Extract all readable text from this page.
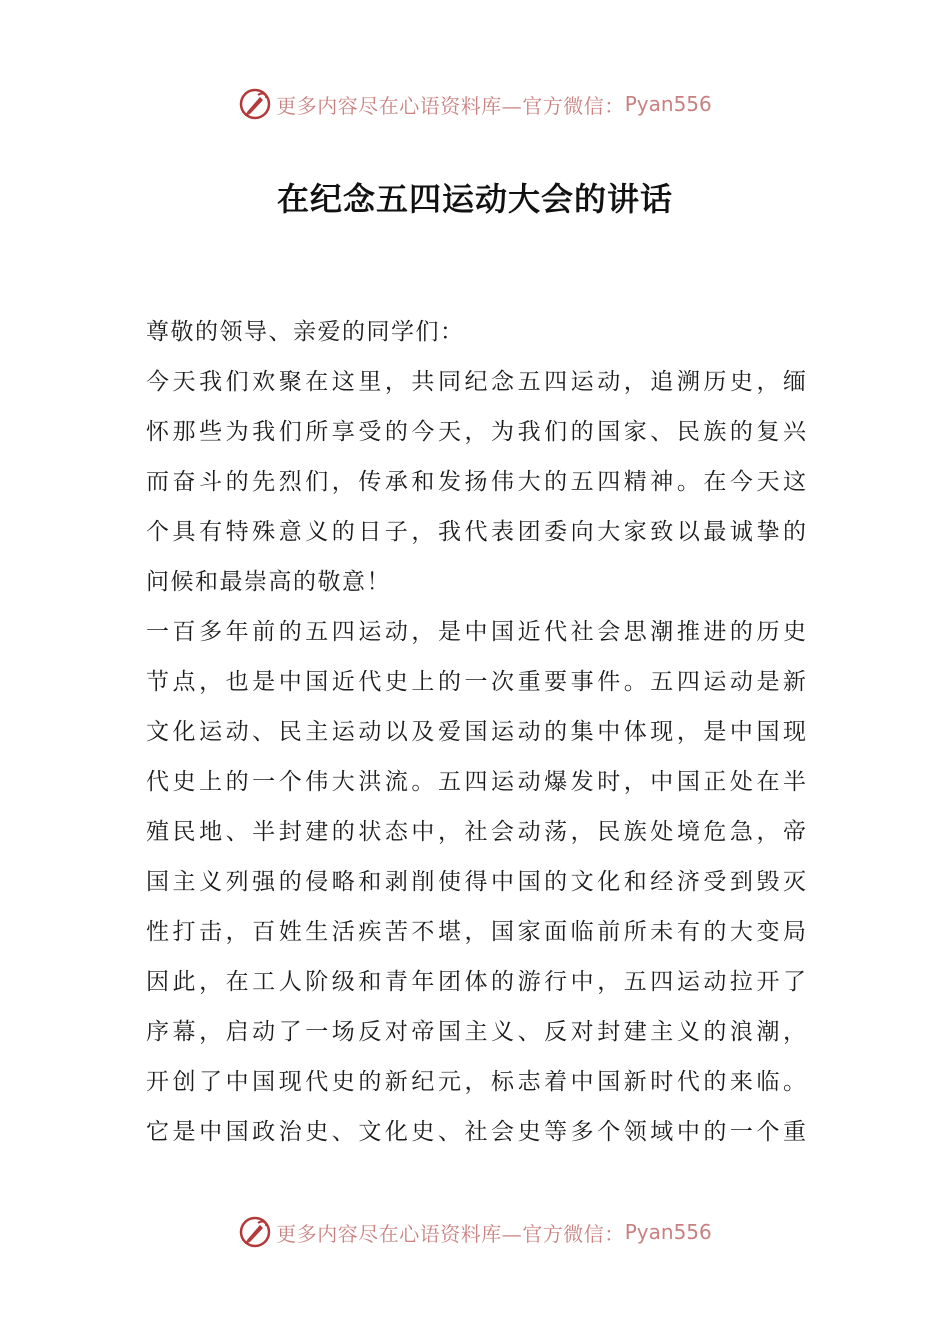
更多内容尽在心语资料库—官方微信： Pyan556
在纪念五四运动大会的讲话
尊敬的领导、亲爱的同学们：
今天我们欢聚在这里，共同纪念五四运动，追溯历史，缅
怀那些为我们所享受的今天，为我们的国家、民族的复兴
而奋斗的先烈们，传承和发扬伟大的五四精神。在今天这
个具有特殊意义的日子，我代表团委向大家致以最诚挚的
问候和最崇高的敬意！
一百多年前的五四运动，是中国近代社会思潮推进的历史
节点，也是中国近代史上的一次重要事件。五四运动是新
文化运动、民主运动以及爱国运动的集中体现，是中国现
代史上的一个伟大洪流。五四运动爆发时，中国正处在半
殖民地、半封建的状态中，社会动荡，民族处境危急，帝
国主义列强的侵略和剥削使得中国的文化和经济受到毁灭
性打击，百姓生活疾苦不堪，国家面临前所未有的大变局
因此，在工人阶级和青年团体的游行中，五四运动拉开了
序幕，启动了一场反对帝国主义、反对封建主义的浪潮，
开创了中国现代史的新纪元，标志着中国新时代的来临。
它是中国政治史、文化史、社会史等多个领域中的一个重
更多内容尽在心语资料库—官方微信： Pyan556
